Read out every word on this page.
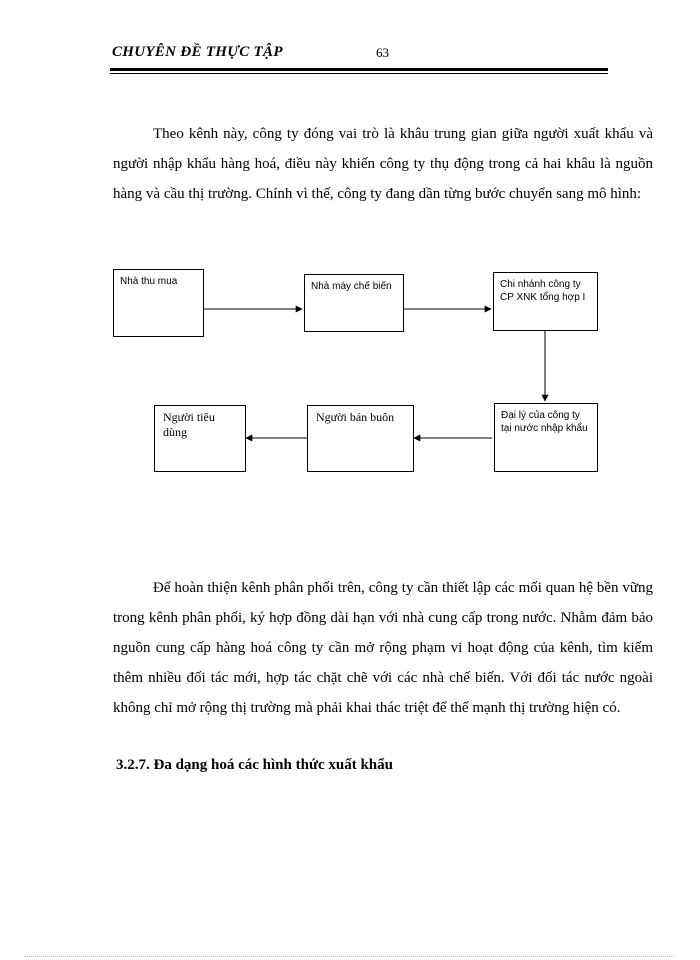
CHUYÊN ĐỀ THỰC TẬP	63

Theo kênh này, công ty đóng vai trò là khâu trung gian giữa người xuất khẩu và người nhập khẩu hàng hoá, điều này khiến công ty thụ động trong cả hai khâu là nguồn hàng và cầu thị trường. Chính vì thế, công ty đang dần từng bước chuyển sang mô hình:

Nhà thu mua	Nhà máy chế biến	Chi nhánh công ty CP XNK tổng hợp I
Đại lý của công ty tại nước nhập khẩu
Người bán buôn
Người tiêu dùng

Để hoàn thiện kênh phân phối trên, công ty cần thiết lập các mối quan hệ bền vững trong kênh phân phối, ký hợp đồng dài hạn với nhà cung cấp trong nước. Nhằm đảm bảo nguồn cung cấp hàng hoá công ty cần mở rộng phạm vi hoạt động của kênh, tìm kiếm thêm nhiều đối tác mới, hợp tác chặt chẽ với các nhà chế biến. Với đối tác nước ngoài không chỉ mở rộng thị trường mà phải khai thác triệt để thế mạnh thị trường hiện có.

3.2.7. Đa dạng hoá các hình thức xuất khẩu
